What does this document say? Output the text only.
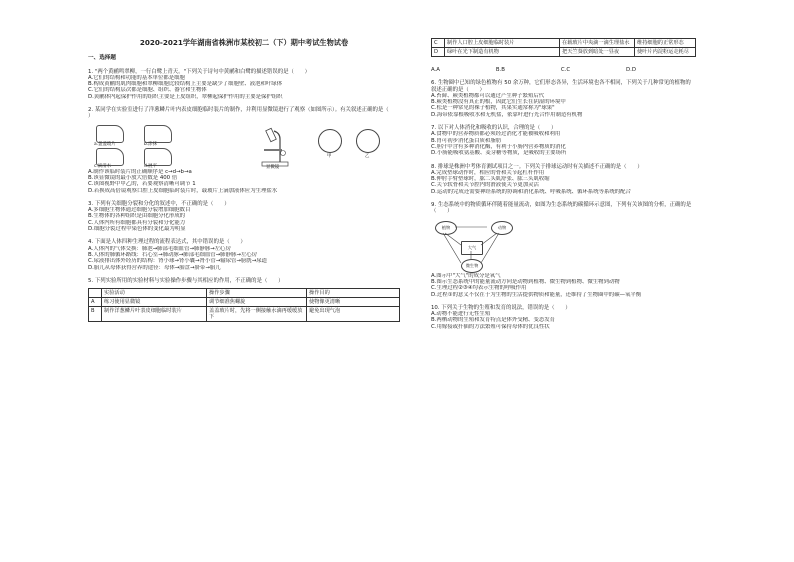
2020-2021学年湖南省株洲市某校初二（下）期中考试生物试卷
一、选择题
1. "两个黄鹂鸣翠柳，一行白鹭上青天。"下列关于诗句中黄鹂和白鹭的描述错误的是（　　）
A.它们的结构和功能的基本单位都是细胞
B.构成黄鹂的肌肉细胞和翠柳细胞比较结构上主要是缺少了细胞壁、液泡和叶绿体
C.它们的结构层次都是细胞、组织、器官和生物体
D.黄鹂体内起保护作用的组织主要是上皮组织，翠柳起保护作用的主要是保护组织
2. 某同学在实验室进行了洋葱鳞片叶内表皮细胞临时装片的制作，并利用显微镜进行了观察（如图所示）。有关叙述正确的是（　　）
a.盖盖玻片	b.涂抹
c.滴清水	d.展平	显微镜
甲	乙
A.制作该临时装片的正确顺序是 c→d→b→a
B.该显微镜的最小放大倍数是 400 倍
C.该图视野中甲乙的，若要观察清晰可调节 1
D.若换成高倍镜观察口腔上皮细胞临时装片时，载玻片上滴加液体应为生理盐水
3. 下列有关细胞分裂和分化的叙述中，不正确的是（　　）
A.多细胞生物体通过细胞分裂增加细胞数目
B.生物体的各种组织是由细胞分化形成的
C.人体内所有细胞都具有分裂和分化能力
D.细胞分裂过程中染色体的变化最为明显
4. 下面是人体四种生理过程的流程表达式，其中错误的是（　　）
A.人体内的气体交换：肺泡→肺部毛细血管→肺静脉→左心房
B.人体的肺循环路线：右心室→肺动脉→肺部毛细血管→肺静脉→左心房
C.尿液排出体外经历的结构：肾小球→肾小囊→肾小管→输尿管→膀胱→尿道
D.胎儿从母体获得营养的途径：母体→胎盘→脐带→胎儿
5. 下列实验所用的实验材料与实验操作步骤与其相应的作用，不正确的是（　　）
	实验活动	操作步骤	操作目的
A	练习使用显微镜	调节细准焦螺旋	使物像更清晰
B	制作洋葱鳞片叶表皮细胞临时装片	盖盖玻片时，先将一侧接触水滴再缓缓放下	避免出现气泡
C	制作人口腔上皮细胞临时装片	在载玻片中央滴一滴生理盐水	维持细胞的正常形态
D	绿叶在光下制造有机物	把天竺葵放到暗处一昼夜	使叶片内淀粉运走耗尽
A.A	B.B	C.C	D.D
6. 生物圈中已知的绿色植物有 50 余万种，它们形态各异，生活环境也各不相同，下列关于几种常见的植物的叙述正确的是（　　）
A.苔藓、蕨类植物都可以通过产生种子繁殖后代
B.蕨类植物没有真正的根，因此它们生长在阴湿的环境中
C.松是一种常见的裸子植物，其果实通常称为"球果"
D.海带依靠根吸收水和无机盐，依靠叶进行光合作用制造有机物
7. 以下对人体消化和吸收的认识，合理的是（　　）
A.食物中的营养物质都必须经过消化才能被吸收和利用
B.胃可初步消化蛋白质和脂肪
C.胆汁中含有多种消化酶，有利于小肠内营养物质的消化
D.小肠能吸收氨基酸、麦芽糖等物质，是吸收的主要场所
8. 排球是株洲中考体育测试项目之一。下列关于排球运动时有关描述不正确的是（　　）
A.完成垫球动作时，相应的骨和关节起杠杆作用
B.伸肘手臂垫球时，肱二头肌舒张、肱三头肌收缩
C.关节软骨和关节腔内的滑液使关节更加灵活
D.运动的完成还需要神经系统的协调和消化系统、呼吸系统、循环系统等系统的配合
9. 生态系统中的物质循环伴随着能量流动，如图为生态系统的碳循环示意图，下列有关该图的分析，正确的是（　　）
植物	动物
大气
微生物
A.图示中"大气"的成分是氧气
B.图示生态系统中的能量流动方向是动物到植物、微生物到植物、微生物到动物
C.生理过程②③④均表示生物的呼吸作用
D.过程①的意义不仅在于为生物的生活提供物质和能量，还维持了生物圈中的碳—氧平衡
10. 下列关于生物的生殖和发育的说法，错误的是（　　）
A.动物不能进行无性生殖
B.两栖动物的生殖和发育特点是体外受精、变态发育
C.用嫁接或扦插的方法繁殖可保持母体的优良性状
